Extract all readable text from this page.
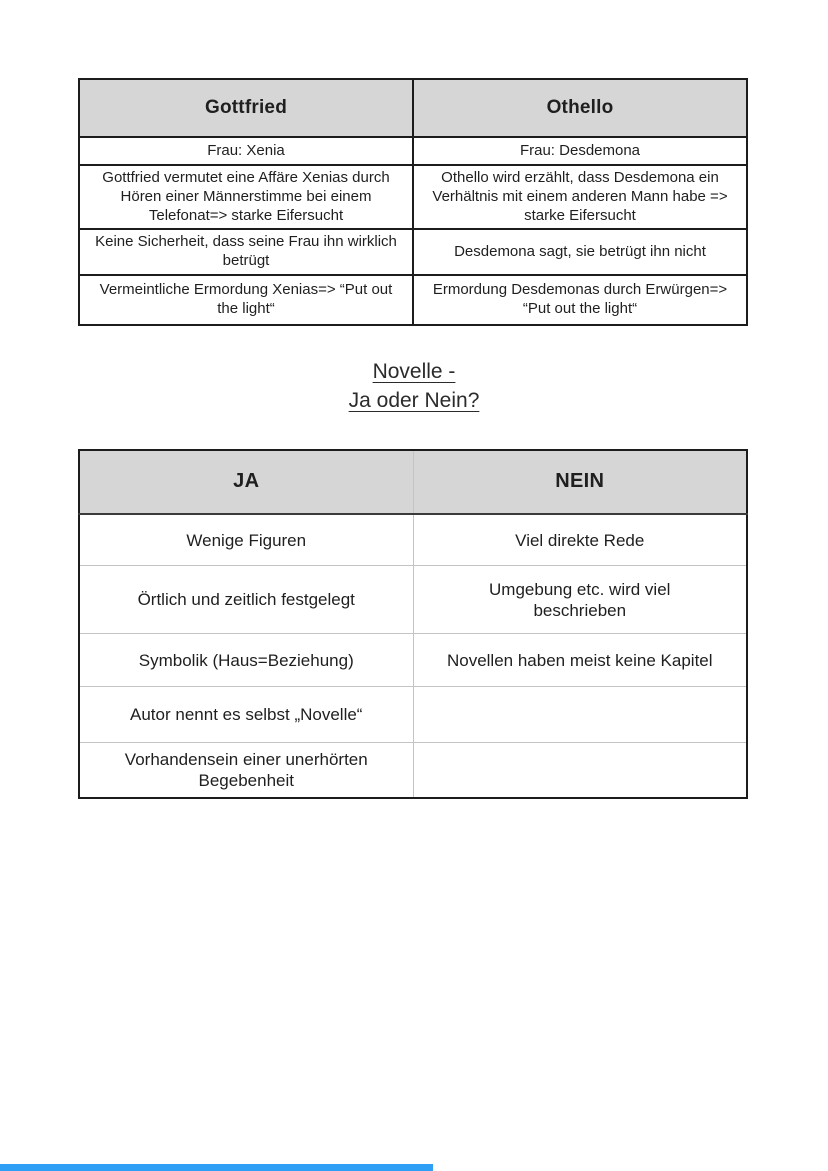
Gottfried	Othello
Frau: Xenia	Frau: Desdemona
Gottfried vermutet eine Affäre Xenias durch Hören einer Männerstimme bei einem Telefonat=> starke Eifersucht	Othello wird erzählt, dass Desdemona ein Verhältnis mit einem anderen Mann habe => starke Eifersucht
Keine Sicherheit, dass seine Frau ihn wirklich betrügt	Desdemona sagt, sie betrügt ihn nicht
Vermeintliche Ermordung Xenias=> “Put out the light“	Ermordung Desdemonas durch Erwürgen=> “Put out the light“
Novelle -
Ja oder Nein?
JA	NEIN
Wenige Figuren	Viel direkte Rede
Örtlich und zeitlich festgelegt	Umgebung etc. wird viel beschrieben
Symbolik (Haus=Beziehung)	Novellen haben meist keine Kapitel
Autor nennt es selbst „Novelle“	
Vorhandensein einer unerhörten Begebenheit	
